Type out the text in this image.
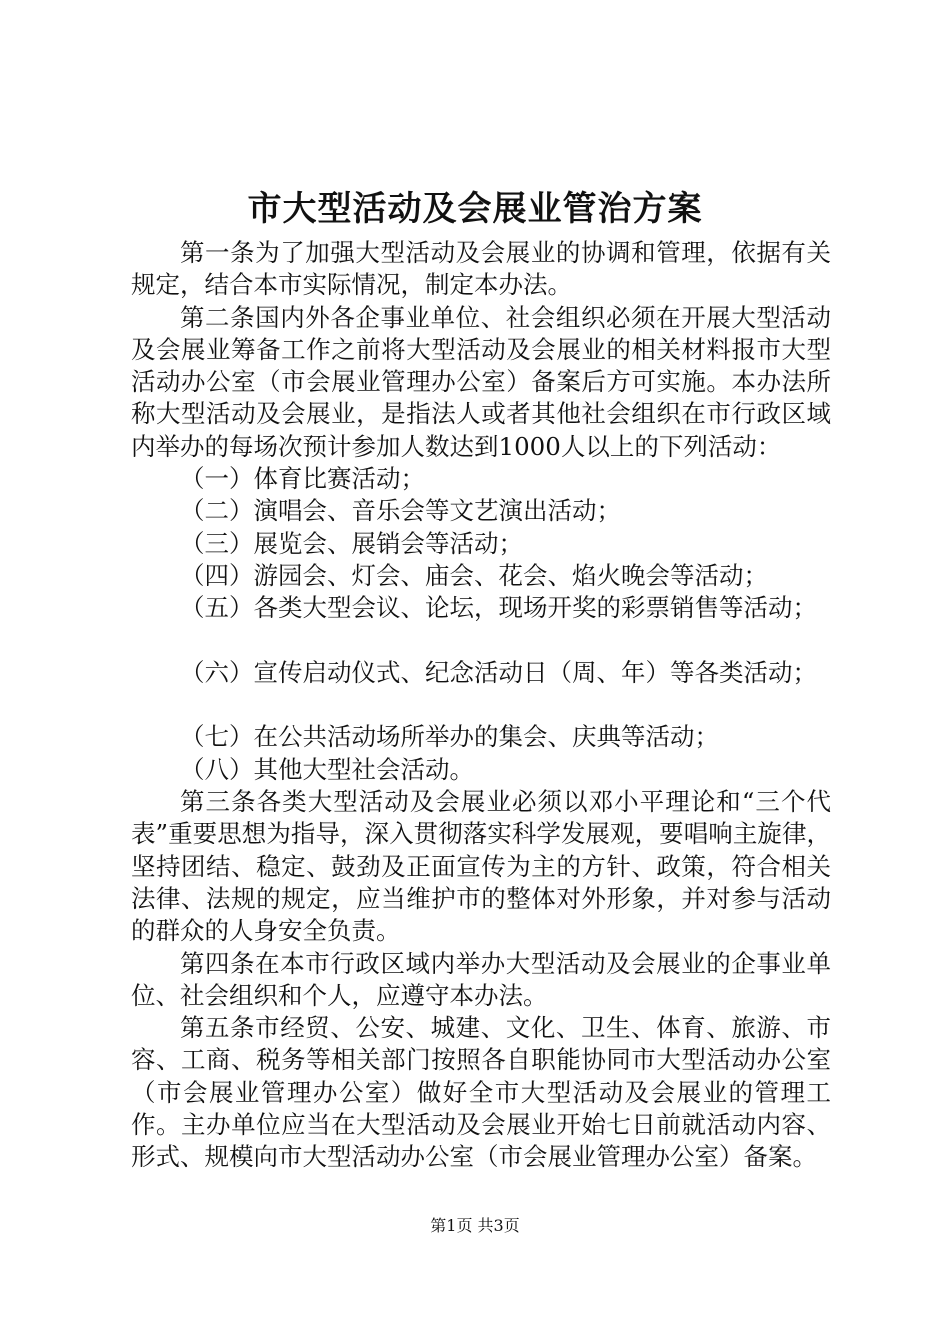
市大型活动及会展业管治方案

第一条为了加强大型活动及会展业的协调和管理，依据有关规定，结合本市实际情况，制定本办法。

第二条国内外各企事业单位、社会组织必须在开展大型活动及会展业筹备工作之前将大型活动及会展业的相关材料报市大型活动办公室（市会展业管理办公室）备案后方可实施。本办法所称大型活动及会展业，是指法人或者其他社会组织在市行政区域内举办的每场次预计参加人数达到1000人以上的下列活动：

（一）体育比赛活动；

（二）演唱会、音乐会等文艺演出活动；

（三）展览会、展销会等活动；

（四）游园会、灯会、庙会、花会、焰火晚会等活动；

（五）各类大型会议、论坛，现场开奖的彩票销售等活动；

（六）宣传启动仪式、纪念活动日（周、年）等各类活动；

（七）在公共活动场所举办的集会、庆典等活动；

（八）其他大型社会活动。

第三条各类大型活动及会展业必须以邓小平理论和“三个代表”重要思想为指导，深入贯彻落实科学发展观，要唱响主旋律，坚持团结、稳定、鼓劲及正面宣传为主的方针、政策，符合相关法律、法规的规定，应当维护市的整体对外形象，并对参与活动的群众的人身安全负责。

第四条在本市行政区域内举办大型活动及会展业的企事业单位、社会组织和个人，应遵守本办法。

第五条市经贸、公安、城建、文化、卫生、体育、旅游、市容、工商、税务等相关部门按照各自职能协同市大型活动办公室（市会展业管理办公室）做好全市大型活动及会展业的管理工作。主办单位应当在大型活动及会展业开始七日前就活动内容、形式、规模向市大型活动办公室（市会展业管理办公室）备案。

第1页 共3页
